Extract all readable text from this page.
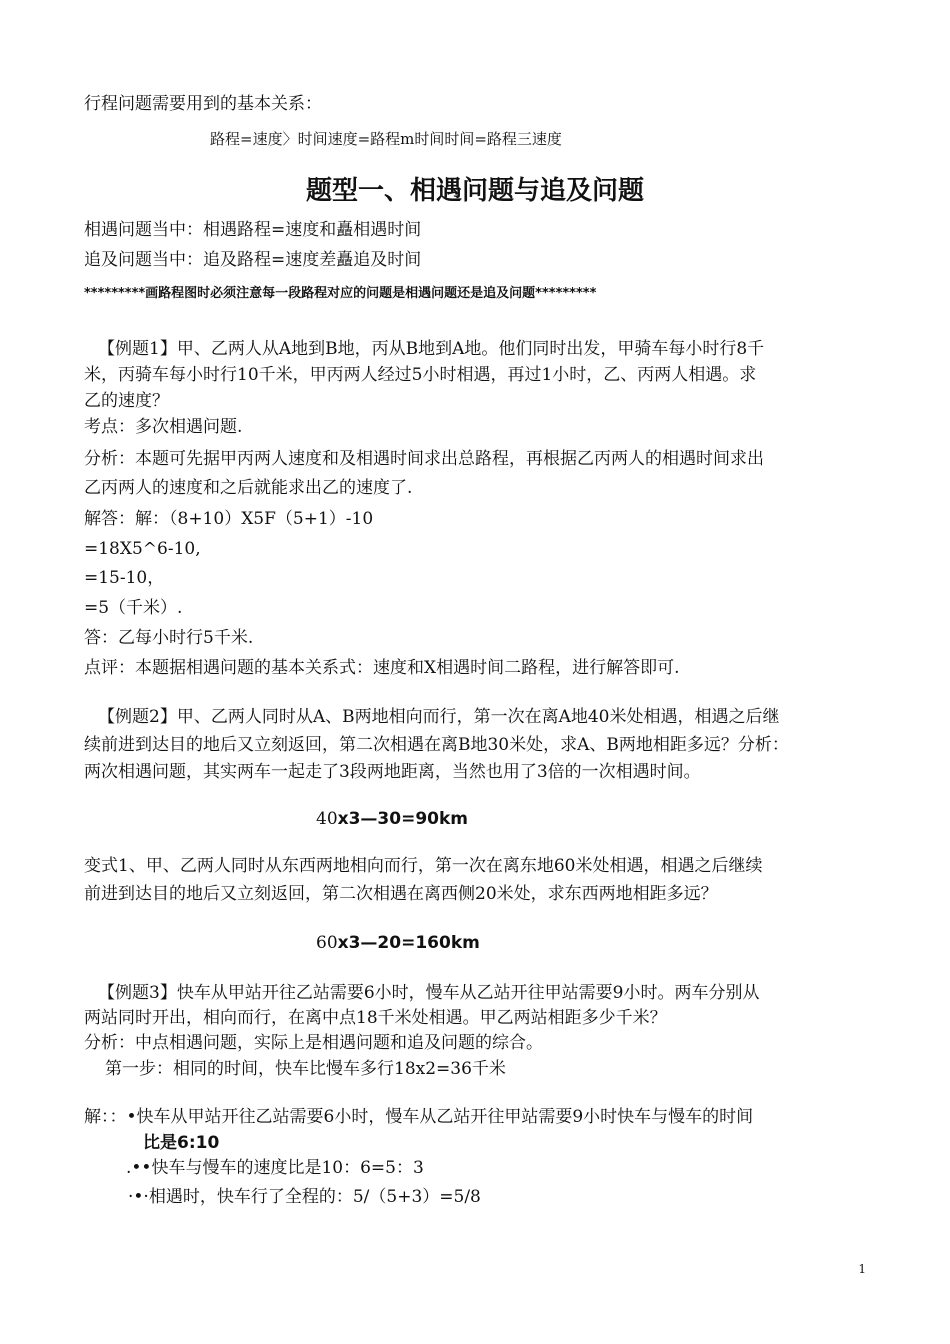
行程问题需要用到的基本关系：
路程=速度〉时间速度=路程m时间时间=路程三速度
题型一、相遇问题与追及问题
相遇问题当中：相遇路程=速度和矗相遇时间
追及问题当中：追及路程=速度差矗追及时间
*********画路程图时必须注意每一段路程对应的问题是相遇问题还是追及问题*********
【例题1】甲、乙两人从A地到B地，丙从B地到A地。他们同时出发，甲骑车每小时行8千
米，丙骑车每小时行10千米，甲丙两人经过5小时相遇，再过1小时，乙、丙两人相遇。求
乙的速度？
考点：多次相遇问题.
分析：本题可先据甲丙两人速度和及相遇时间求出总路程，再根据乙丙两人的相遇时间求出
乙丙两人的速度和之后就能求出乙的速度了.
解答：解：（8+10）X5F（5+1）-10
=18X5^6-10,
=15-10，
=5（千米）.
答：乙每小时行5千米.
点评：本题据相遇问题的基本关系式：速度和X相遇时间二路程，进行解答即可.
【例题2】甲、乙两人同时从A、B两地相向而行，第一次在离A地40米处相遇，相遇之后继
续前进到达目的地后又立刻返回，第二次相遇在离B地30米处，求A、B两地相距多远？分析：
两次相遇问题，其实两车一起走了3段两地距离，当然也用了3倍的一次相遇时间。
40x3—30=90km
变式1、甲、乙两人同时从东西两地相向而行，第一次在离东地60米处相遇，相遇之后继续
前进到达目的地后又立刻返回，第二次相遇在离西侧20米处，求东西两地相距多远？
60x3—20=160km
【例题3】快车从甲站开往乙站需要6小时，慢车从乙站开往甲站需要9小时。两车分别从
两站同时开出，相向而行，在离中点18千米处相遇。甲乙两站相距多少千米？
分析：中点相遇问题，实际上是相遇问题和追及问题的综合。
第一步：相同的时间，快车比慢车多行18x2=36千米
解：：•快车从甲站开往乙站需要6小时，慢车从乙站开往甲站需要9小时快车与慢车的时间
比是6:10
.••快车与慢车的速度比是10：6=5：3
·•·相遇时，快车行了全程的：5/（5+3）=5/8
1
